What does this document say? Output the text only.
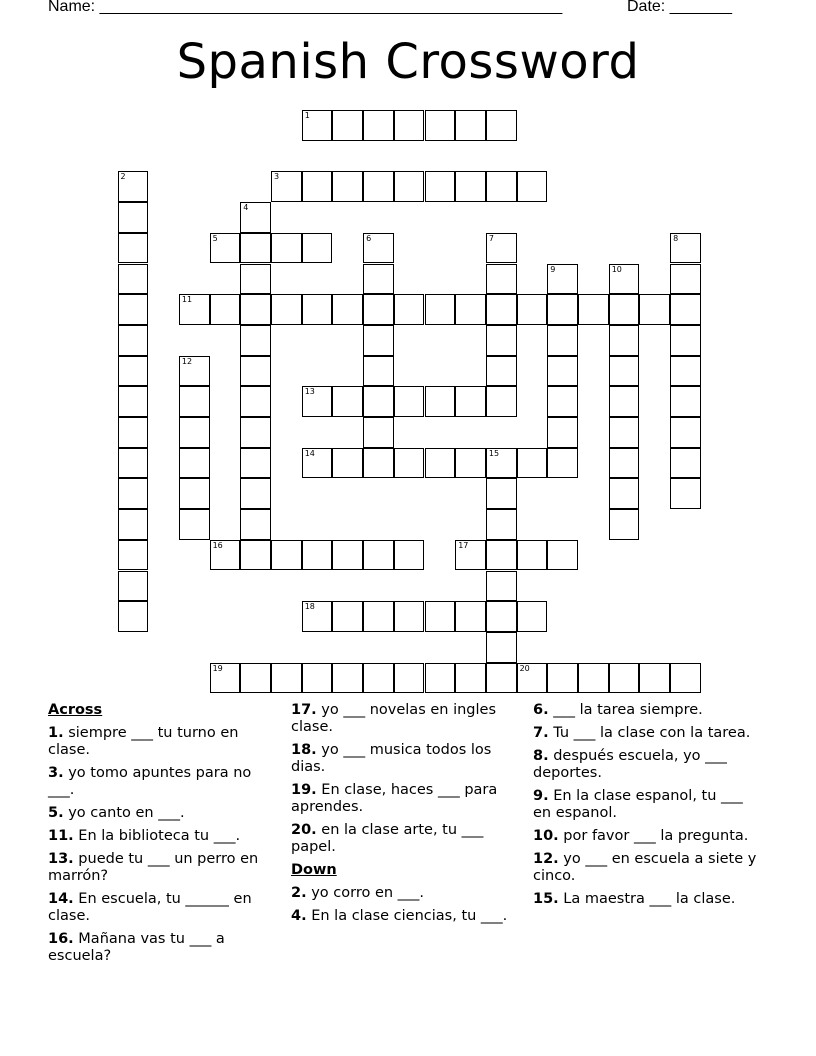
Name: ____________________________________________________	Date: _______
Spanish Crossword
1
2	3
4
5	6	7	8
9	10
11
12
13
14	15
16	17
18
19	20
Across
1. siempre ___ tu turno en clase.
3. yo tomo apuntes para no ___.
5. yo canto en ___.
11. En la biblioteca tu ___.
13. puede tu ___ un perro en marrón?
14. En escuela, tu ______ en clase.
16. Mañana vas tu ___ a escuela?
17. yo ___ novelas en ingles clase.
18. yo ___ musica todos los dias.
19. En clase, haces ___ para aprendes.
20. en la clase arte, tu ___ papel.
Down
2. yo corro en ___.
4. En la clase ciencias, tu ___.
6. ___ la tarea siempre.
7. Tu ___ la clase con la tarea.
8. después escuela, yo ___ deportes.
9. En la clase espanol, tu ___ en espanol.
10. por favor ___ la pregunta.
12. yo ___ en escuela a siete y cinco.
15. La maestra ___ la clase.
